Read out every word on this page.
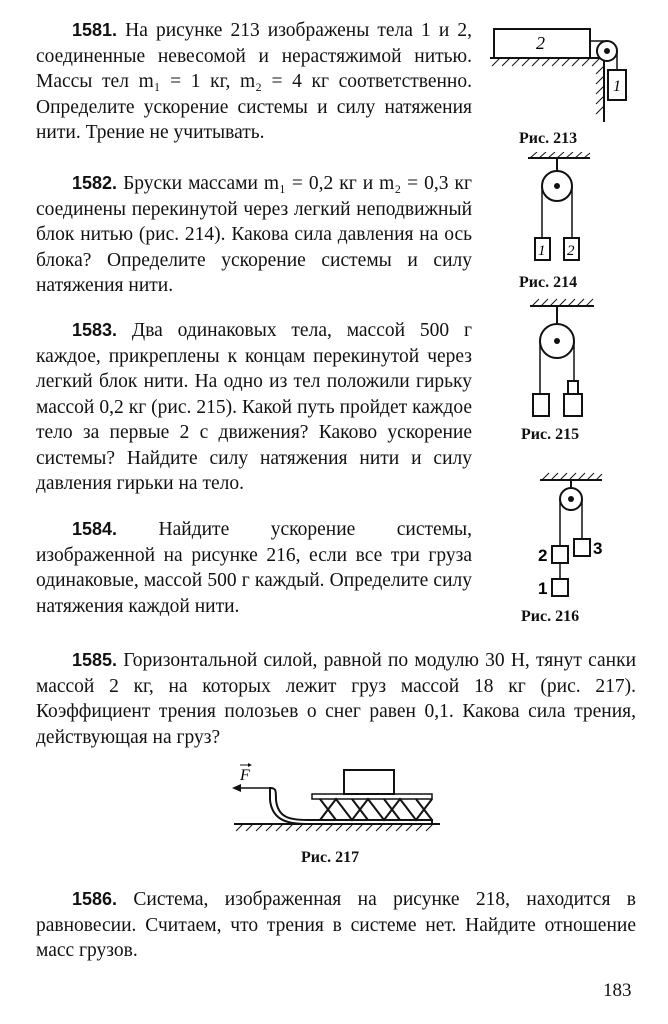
1581. На рисунке 213 изображены тела 1 и 2, соединенные невесомой и нерастяжимой нитью. Массы тел m₁ = 1 кг, m₂ = 4 кг соответственно. Определите ускорение системы и силу натяжения нити. Трение не учитывать.

1582. Бруски массами m₁ = 0,2 кг и m₂ = 0,3 кг соединены перекинутой через легкий неподвижный блок нитью (рис. 214). Какова сила давления на ось блока? Определите ускорение системы и силу натяжения нити.

1583. Два одинаковых тела, массой 500 г каждое, прикреплены к концам перекинутой через легкий блок нити. На одно из тел положили гирьку массой 0,2 кг (рис. 215). Какой путь пройдет каждое тело за первые 2 с движения? Каково ускорение системы? Найдите силу натяжения нити и силу давления гирьки на тело.

1584. Найдите ускорение системы, изображенной на рисунке 216, если все три груза одинаковые, массой 500 г каждый. Определите силу натяжения каждой нити.

1585. Горизонтальной силой, равной по модулю 30 Н, тянут санки массой 2 кг, на которых лежит груз массой 18 кг (рис. 217). Коэффициент трения полозьев о снег равен 0,1. Какова сила трения, действующая на груз?

1586. Система, изображенная на рисунке 218, находится в равновесии. Считаем, что трения в системе нет. Найдите отношение масс грузов.

2
1
Рис. 213
1 2
Рис. 214
Рис. 215
2
1
3
Рис. 216
F
Рис. 217
183
